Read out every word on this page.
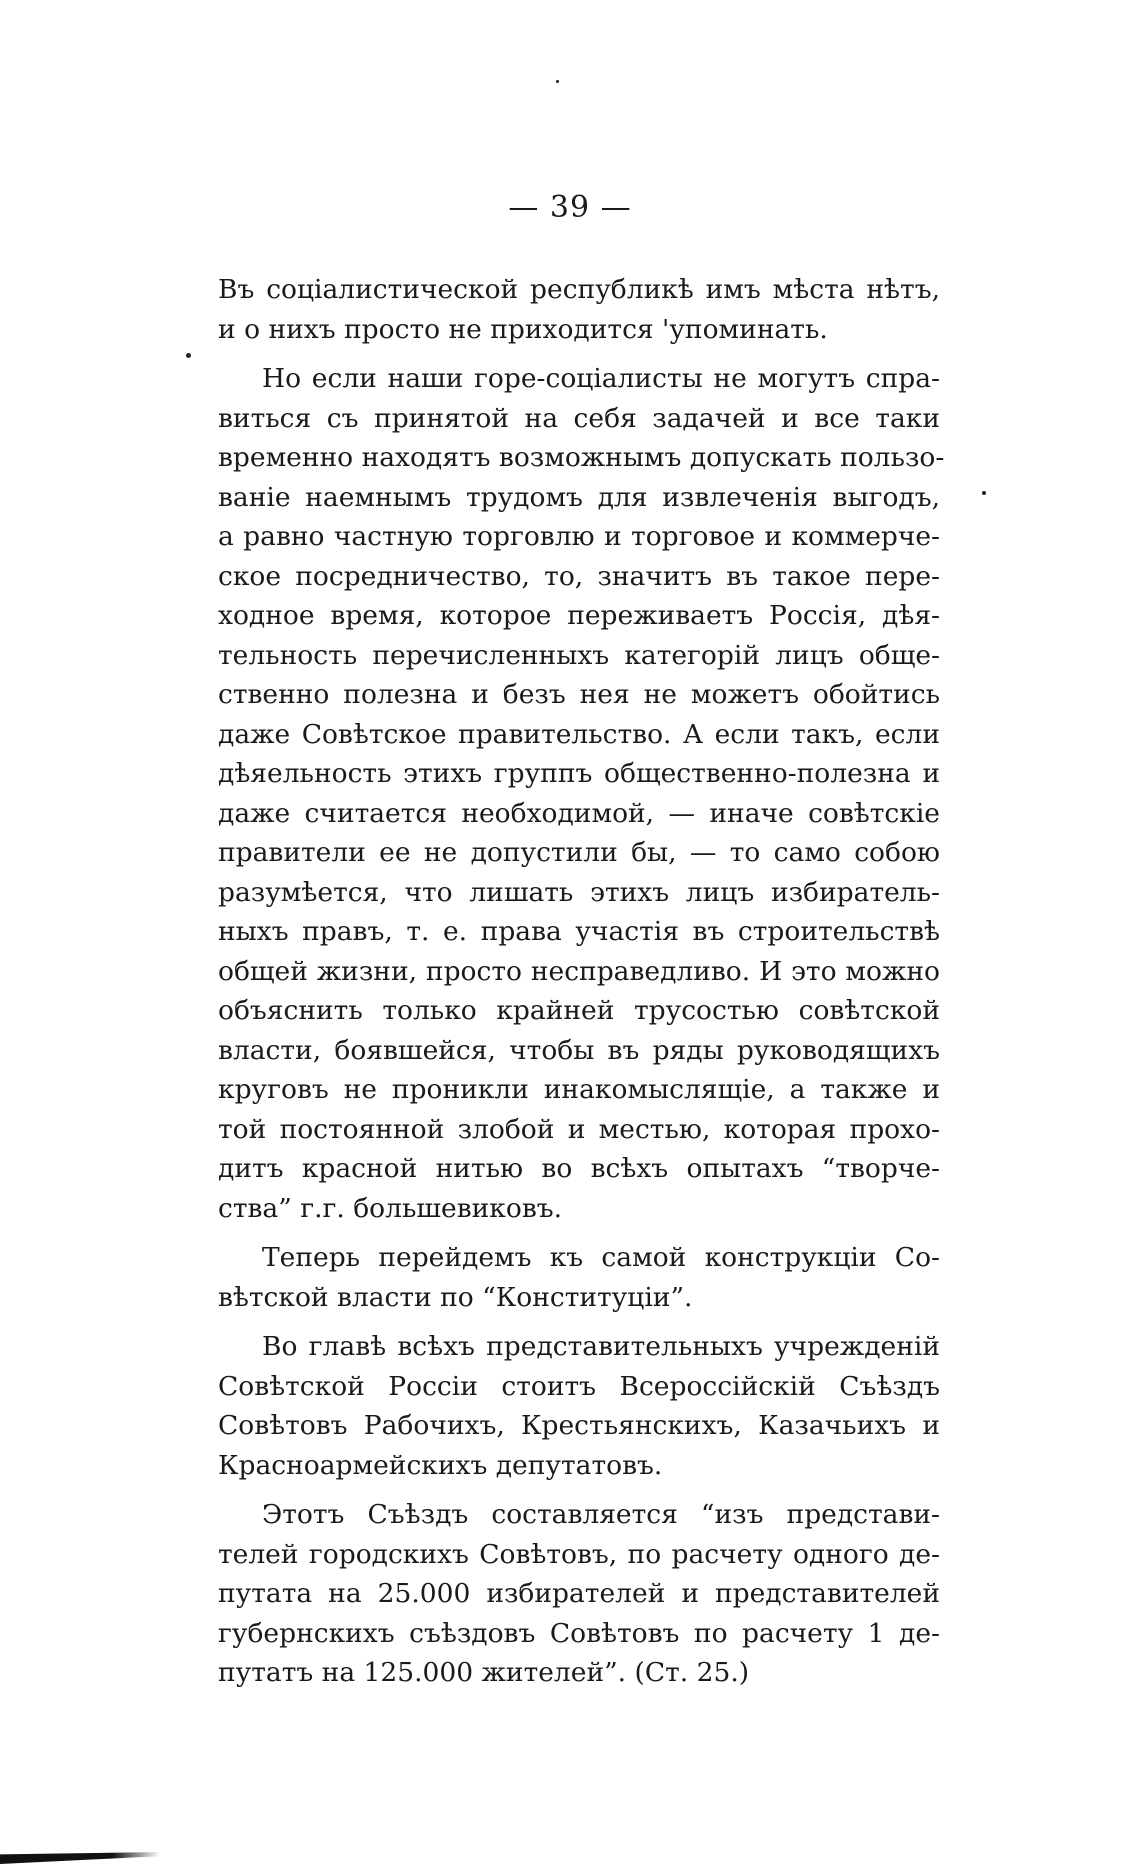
— 39 —
Въ соціалистической республикѣ имъ мѣста нѣтъ,
и о нихъ просто не приходится 'упоминать.
Но если наши горе-соціалисты не могутъ спра-
виться съ принятой на себя задачей и все таки
временно находятъ возможнымъ допускать пользо-
ваніе наемнымъ трудомъ для извлеченія выгодъ,
а равно частную торговлю и торговое и коммерче-
ское посредничество, то, значитъ въ такое пере-
ходное время, которое переживаетъ Россія, дѣя-
тельность перечисленныхъ категорій лицъ обще-
ственно полезна и безъ нея не можетъ обойтись
даже Совѣтское правительство. А если такъ, если
дѣяельность этихъ группъ общественно-полезна и
даже считается необходимой, — иначе совѣтскіе
правители ее не допустили бы, — то само собою
разумѣется, что лишать этихъ лицъ избиратель-
ныхъ правъ, т. е. права участія въ строительствѣ
общей жизни, просто несправедливо. И это можно
объяснить только крайней трусостью совѣтской
власти, боявшейся, чтобы въ ряды руководящихъ
круговъ не проникли инакомыслящіе, а также и
той постоянной злобой и местью, которая прохо-
дитъ красной нитью во всѣхъ опытахъ “творче-
ства” г.г. большевиковъ.
Теперь перейдемъ къ самой конструкціи Со-
вѣтской власти по “Конституціи”.
Во главѣ всѣхъ представительныхъ учрежденій
Совѣтской Россіи стоитъ Всероссійскій Съѣздъ
Совѣтовъ Рабочихъ, Крестьянскихъ, Казачьихъ и
Красноармейскихъ депутатовъ.
Этотъ Съѣздъ составляется “изъ представи-
телей городскихъ Совѣтовъ, по расчету одного де-
путата на 25.000 избирателей и представителей
губернскихъ съѣздовъ Совѣтовъ по расчету 1 де-
путатъ на 125.000 жителей”. (Ст. 25.)
